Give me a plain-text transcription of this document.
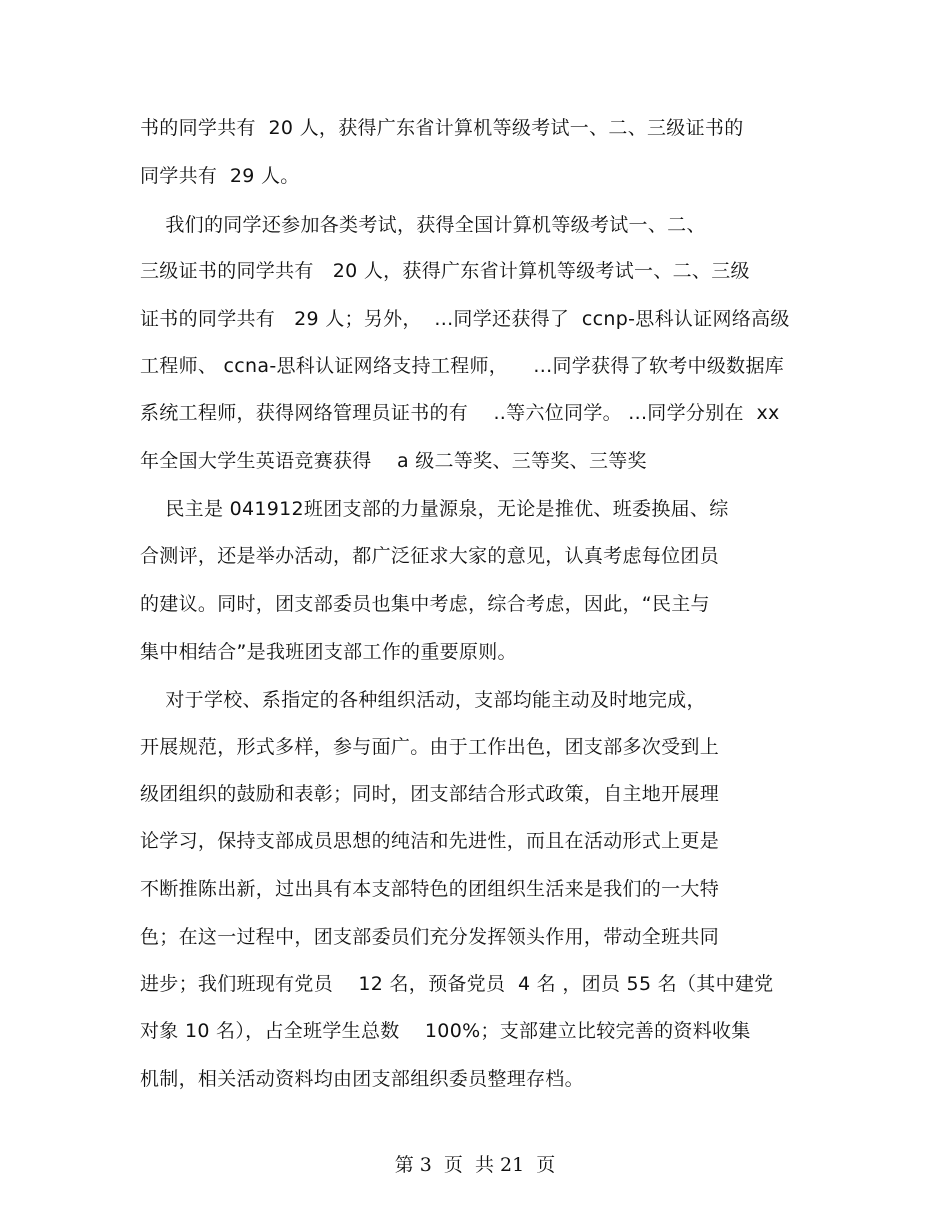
书的同学共有  20 人，获得广东省计算机等级考试一、二、三级证书的
同学共有  29 人。
我们的同学还参加各类考试，获得全国计算机等级考试一、二、
三级证书的同学共有   20 人，获得广东省计算机等级考试一、二、三级
证书的同学共有   29 人；另外，  ...同学还获得了  ccnp-思科认证网络高级
工程师、 ccna-思科认证网络支持工程师，    ...同学获得了软考中级数据库
系统工程师，获得网络管理员证书的有    ..等六位同学。 ...同学分别在  xx
年全国大学生英语竞赛获得    a 级二等奖、三等奖、三等奖
民主是 041912班团支部的力量源泉，无论是推优、班委换届、综
合测评，还是举办活动，都广泛征求大家的意见，认真考虑每位团员
的建议。同时，团支部委员也集中考虑，综合考虑，因此，“民主与
集中相结合”是我班团支部工作的重要原则。
对于学校、系指定的各种组织活动，支部均能主动及时地完成，
开展规范，形式多样，参与面广。由于工作出色，团支部多次受到上
级团组织的鼓励和表彰；同时，团支部结合形式政策，自主地开展理
论学习，保持支部成员思想的纯洁和先进性，而且在活动形式上更是
不断推陈出新，过出具有本支部特色的团组织生活来是我们的一大特
色；在这一过程中，团支部委员们充分发挥领头作用，带动全班共同
进步；我们班现有党员    12 名，预备党员  4 名 ，团员 55 名（其中建党
对象 10 名），占全班学生总数    100%；支部建立比较完善的资料收集
机制，相关活动资料均由团支部组织委员整理存档。
第 3  页  共 21  页
